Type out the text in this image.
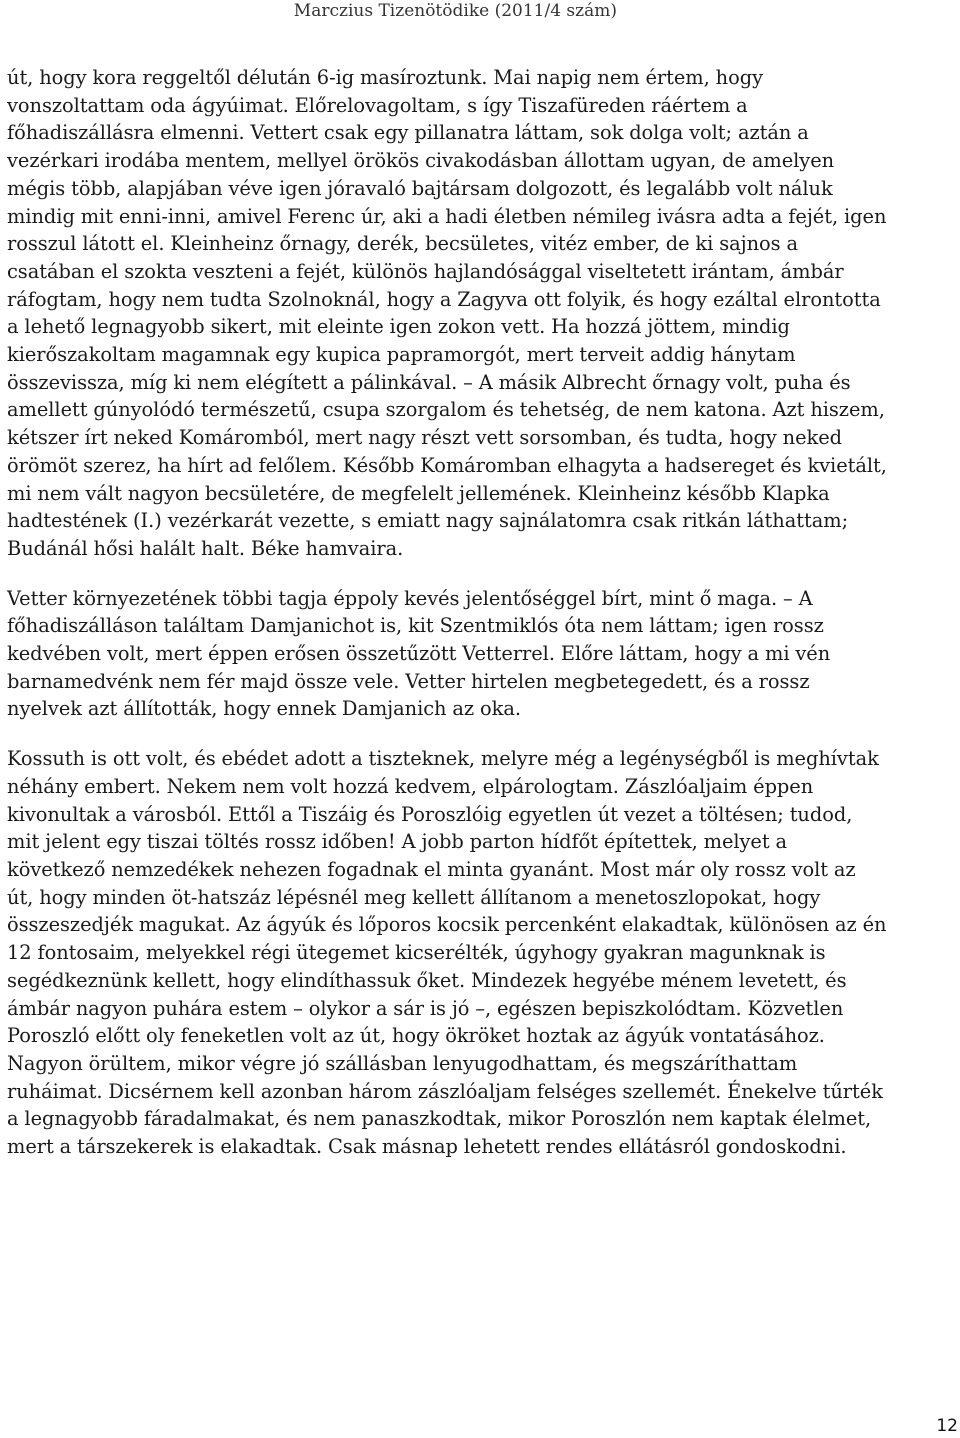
Marczius Tizenötödike (2011/4 szám)

út, hogy kora reggeltől délután 6-ig masíroztunk. Mai napig nem értem, hogy vonszoltattam oda ágyúimat. Előrelovagoltam, s így Tiszafüreden ráértem a főhadiszállásra elmenni. Vettert csak egy pillanatra láttam, sok dolga volt; aztán a vezérkari irodába mentem, mellyel örökös civakodásban állottam ugyan, de amelyen mégis több, alapjában véve igen jóravaló bajtársam dolgozott, és legalább volt náluk mindig mit enni-inni, amivel Ferenc úr, aki a hadi életben némileg ivásra adta a fejét, igen rosszul látott el. Kleinheinz őrnagy, derék, becsületes, vitéz ember, de ki sajnos a csatában el szokta veszteni a fejét, különös hajlandósággal viseltetett irántam, ámbár ráfogtam, hogy nem tudta Szolnoknál, hogy a Zagyva ott folyik, és hogy ezáltal elrontotta a lehető legnagyobb sikert, mit eleinte igen zokon vett. Ha hozzá jöttem, mindig kierőszakoltam magamnak egy kupica papramorgót, mert terveit addig hánytam összevissza, míg ki nem elégített a pálinkával. – A másik Albrecht őrnagy volt, puha és amellett gúnyolódó természetű, csupa szorgalom és tehetség, de nem katona. Azt hiszem, kétszer írt neked Komáromból, mert nagy részt vett sorsomban, és tudta, hogy neked örömöt szerez, ha hírt ad felőlem. Később Komáromban elhagyta a hadsereget és kvietált, mi nem vált nagyon becsületére, de megfelelt jellemének. Kleinheinz később Klapka hadtestének (I.) vezérkarát vezette, s emiatt nagy sajnálatomra csak ritkán láthattam; Budánál hősi halált halt. Béke hamvaira.

Vetter környezetének többi tagja éppoly kevés jelentőséggel bírt, mint ő maga. – A főhadiszálláson találtam Damjanichot is, kit Szentmiklós óta nem láttam; igen rossz kedvében volt, mert éppen erősen összetűzött Vetterrel. Előre láttam, hogy a mi vén barnamedvénk nem fér majd össze vele. Vetter hirtelen megbetegedett, és a rossz nyelvek azt állították, hogy ennek Damjanich az oka.

Kossuth is ott volt, és ebédet adott a tiszteknek, melyre még a legénységből is meghívtak néhány embert. Nekem nem volt hozzá kedvem, elpárologtam. Zászlóaljaim éppen kivonultak a városból. Ettől a Tiszáig és Poroszlóig egyetlen út vezet a töltésen; tudod, mit jelent egy tiszai töltés rossz időben! A jobb parton hídfőt építettek, melyet a következő nemzedékek nehezen fogadnak el minta gyanánt. Most már oly rossz volt az út, hogy minden öt-hatszáz lépésnél meg kellett állítanom a menetoszlopokat, hogy összeszedjék magukat. Az ágyúk és lőporos kocsik percenként elakadtak, különösen az én 12 fontosaim, melyekkel régi ütegemet kicserélték, úgyhogy gyakran magunknak is segédkeznünk kellett, hogy elindíthassuk őket. Mindezek hegyébe ménem levetett, és ámbár nagyon puhára estem – olykor a sár is jó –, egészen bepiszkolódtam. Közvetlen Poroszló előtt oly feneketlen volt az út, hogy ökröket hoztak az ágyúk vontatásához. Nagyon örültem, mikor végre jó szállásban lenyugodhattam, és megszáríthattam ruháimat. Dicsérnem kell azonban három zászlóaljam felséges szellemét. Énekelve tűrték a legnagyobb fáradalmakat, és nem panaszkodtak, mikor Poroszlón nem kaptak élelmet, mert a társzekerek is elakadtak. Csak másnap lehetett rendes ellátásról gondoskodni.

12
